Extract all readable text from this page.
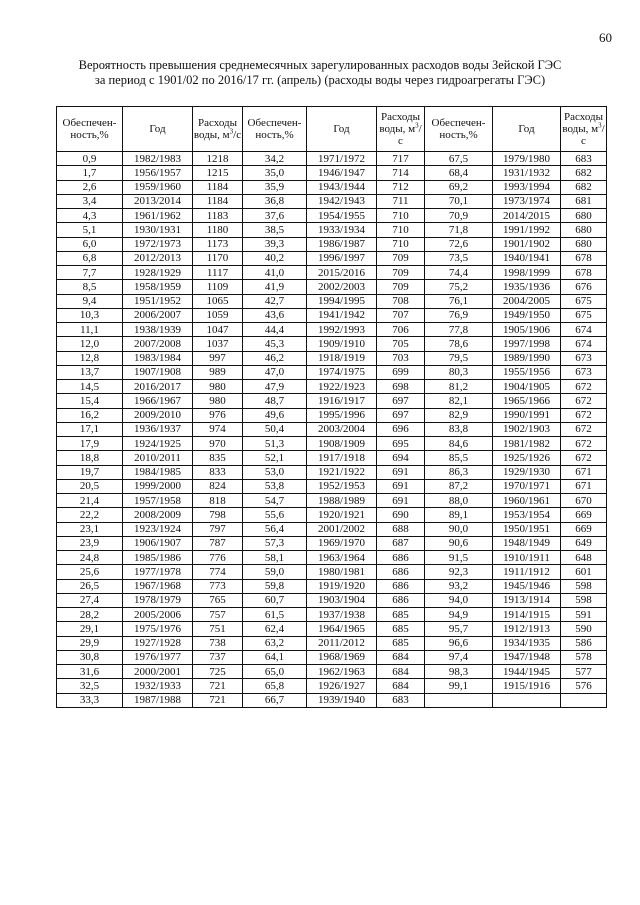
60
Вероятность превышения среднемесячных зарегулированных расходов воды Зейской ГЭС
за период с 1901/02 по 2016/17 гг. (апрель) (расходы воды через гидроагрегаты ГЭС)
Обеспечен-ность,%	Год	Расходы воды, $м^3/с$	Обеспечен-ность,%	Год	Расходы воды, $м^3/с$	Обеспечен-ность,%	Год	Расходы воды, $м^3/с$
0,9	1982/1983	1218	34,2	1971/1972	717	67,5	1979/1980	683
1,7	1956/1957	1215	35,0	1946/1947	714	68,4	1931/1932	682
2,6	1959/1960	1184	35,9	1943/1944	712	69,2	1993/1994	682
3,4	2013/2014	1184	36,8	1942/1943	711	70,1	1973/1974	681
4,3	1961/1962	1183	37,6	1954/1955	710	70,9	2014/2015	680
5,1	1930/1931	1180	38,5	1933/1934	710	71,8	1991/1992	680
6,0	1972/1973	1173	39,3	1986/1987	710	72,6	1901/1902	680
6,8	2012/2013	1170	40,2	1996/1997	709	73,5	1940/1941	678
7,7	1928/1929	1117	41,0	2015/2016	709	74,4	1998/1999	678
8,5	1958/1959	1109	41,9	2002/2003	709	75,2	1935/1936	676
9,4	1951/1952	1065	42,7	1994/1995	708	76,1	2004/2005	675
10,3	2006/2007	1059	43,6	1941/1942	707	76,9	1949/1950	675
11,1	1938/1939	1047	44,4	1992/1993	706	77,8	1905/1906	674
12,0	2007/2008	1037	45,3	1909/1910	705	78,6	1997/1998	674
12,8	1983/1984	997	46,2	1918/1919	703	79,5	1989/1990	673
13,7	1907/1908	989	47,0	1974/1975	699	80,3	1955/1956	673
14,5	2016/2017	980	47,9	1922/1923	698	81,2	1904/1905	672
15,4	1966/1967	980	48,7	1916/1917	697	82,1	1965/1966	672
16,2	2009/2010	976	49,6	1995/1996	697	82,9	1990/1991	672
17,1	1936/1937	974	50,4	2003/2004	696	83,8	1902/1903	672
17,9	1924/1925	970	51,3	1908/1909	695	84,6	1981/1982	672
18,8	2010/2011	835	52,1	1917/1918	694	85,5	1925/1926	672
19,7	1984/1985	833	53,0	1921/1922	691	86,3	1929/1930	671
20,5	1999/2000	824	53,8	1952/1953	691	87,2	1970/1971	671
21,4	1957/1958	818	54,7	1988/1989	691	88,0	1960/1961	670
22,2	2008/2009	798	55,6	1920/1921	690	89,1	1953/1954	669
23,1	1923/1924	797	56,4	2001/2002	688	90,0	1950/1951	669
23,9	1906/1907	787	57,3	1969/1970	687	90,6	1948/1949	649
24,8	1985/1986	776	58,1	1963/1964	686	91,5	1910/1911	648
25,6	1977/1978	774	59,0	1980/1981	686	92,3	1911/1912	601
26,5	1967/1968	773	59,8	1919/1920	686	93,2	1945/1946	598
27,4	1978/1979	765	60,7	1903/1904	686	94,0	1913/1914	598
28,2	2005/2006	757	61,5	1937/1938	685	94,9	1914/1915	591
29,1	1975/1976	751	62,4	1964/1965	685	95,7	1912/1913	590
29,9	1927/1928	738	63,2	2011/2012	685	96,6	1934/1935	586
30,8	1976/1977	737	64,1	1968/1969	684	97,4	1947/1948	578
31,6	2000/2001	725	65,0	1962/1963	684	98,3	1944/1945	577
32,5	1932/1933	721	65,8	1926/1927	684	99,1	1915/1916	576
33,3	1987/1988	721	66,7	1939/1940	683			
